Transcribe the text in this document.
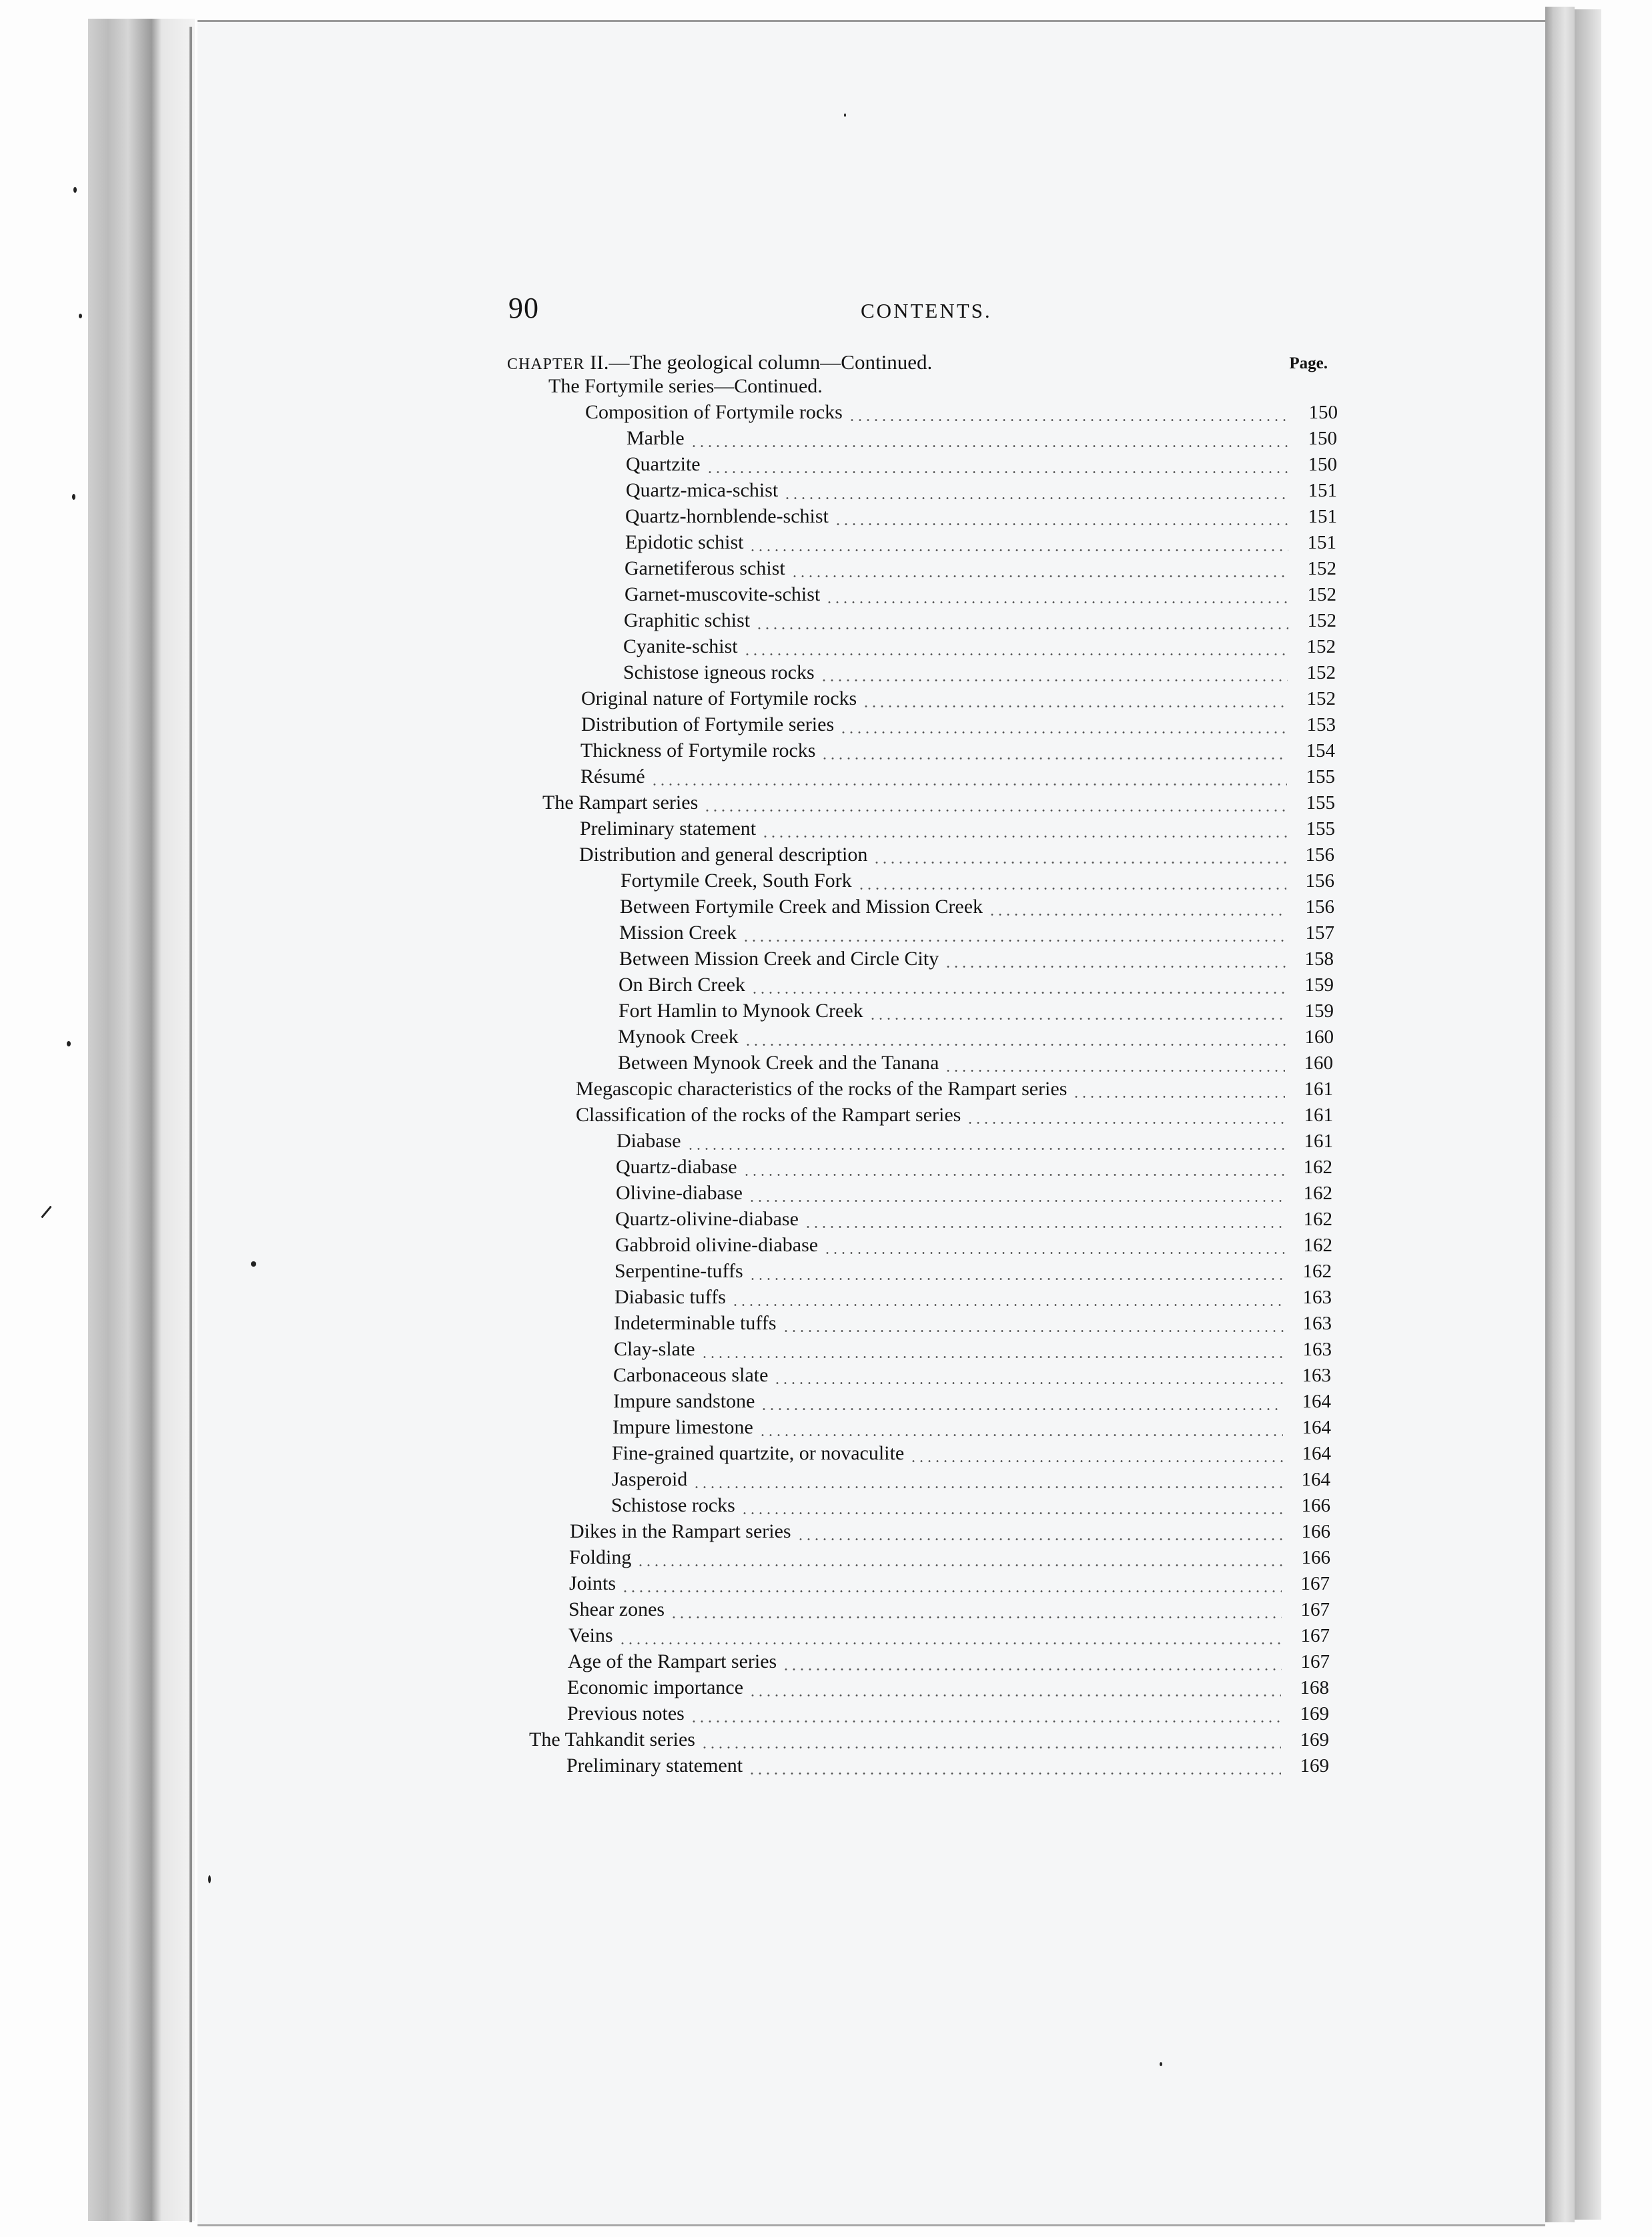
90	CONTENTS.
CHAPTER II.—The geological column—Continued.	Page.
The Fortymile series—Continued.
Composition of Fortymile rocks	150
Marble	150
Quartzite	150
Quartz-mica-schist	151
Quartz-hornblende-schist	151
Epidotic schist	151
Garnetiferous schist	152
Garnet-muscovite-schist	152
Graphitic schist	152
Cyanite-schist	152
Schistose igneous rocks	152
Original nature of Fortymile rocks	152
Distribution of Fortymile series	153
Thickness of Fortymile rocks	154
Résumé	155
The Rampart series	155
Preliminary statement	155
Distribution and general description	156
Fortymile Creek, South Fork	156
Between Fortymile Creek and Mission Creek	156
Mission Creek	157
Between Mission Creek and Circle City	158
On Birch Creek	159
Fort Hamlin to Mynook Creek	159
Mynook Creek	160
Between Mynook Creek and the Tanana	160
Megascopic characteristics of the rocks of the Rampart series	161
Classification of the rocks of the Rampart series	161
Diabase	161
Quartz-diabase	162
Olivine-diabase	162
Quartz-olivine-diabase	162
Gabbroid olivine-diabase	162
Serpentine-tuffs	162
Diabasic tuffs	163
Indeterminable tuffs	163
Clay-slate	163
Carbonaceous slate	163
Impure sandstone	164
Impure limestone	164
Fine-grained quartzite, or novaculite	164
Jasperoid	164
Schistose rocks	166
Dikes in the Rampart series	166
Folding	166
Joints	167
Shear zones	167
Veins	167
Age of the Rampart series	167
Economic importance	168
Previous notes	169
The Tahkandit series	169
Preliminary statement	169
